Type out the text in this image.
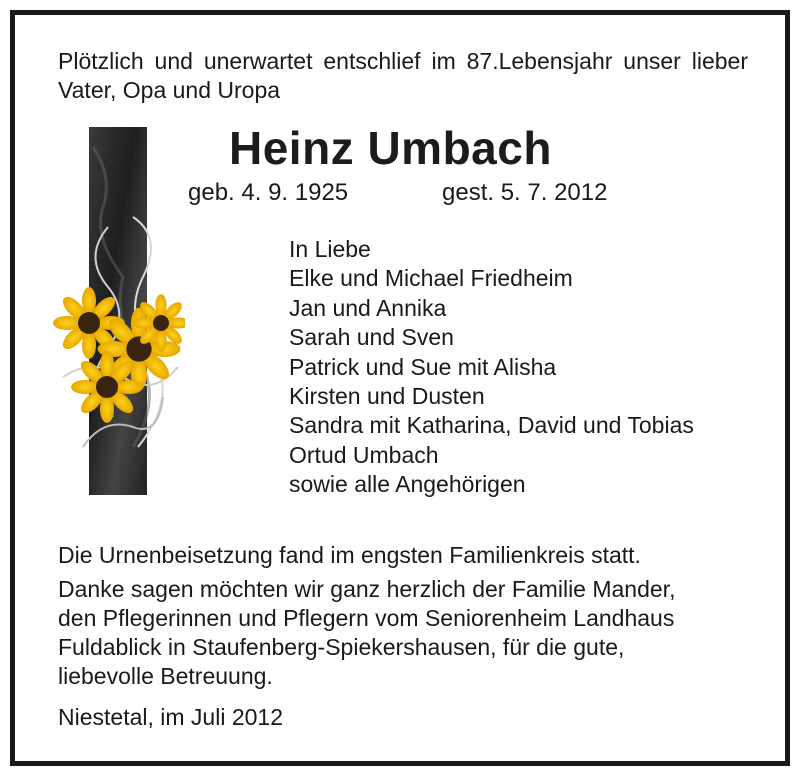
Plötzlich und unerwartet entschlief im 87.Lebensjahr unser lieber Vater, Opa und Uropa
Heinz Umbach
geb. 4. 9. 1925	gest. 5. 7. 2012
In Liebe
Elke und Michael Friedheim
Jan und Annika
Sarah und Sven
Patrick und Sue mit Alisha
Kirsten und Dusten
Sandra mit Katharina, David und Tobias
Ortud Umbach
sowie alle Angehörigen
Die Urnenbeisetzung fand im engsten Familienkreis statt.
Danke sagen möchten wir ganz herzlich der Familie Mander,
den Pflegerinnen und Pflegern vom Seniorenheim Landhaus
Fuldablick in Staufenberg-Spiekershausen, für die gute,
liebevolle Betreuung.
Niestetal, im Juli 2012
